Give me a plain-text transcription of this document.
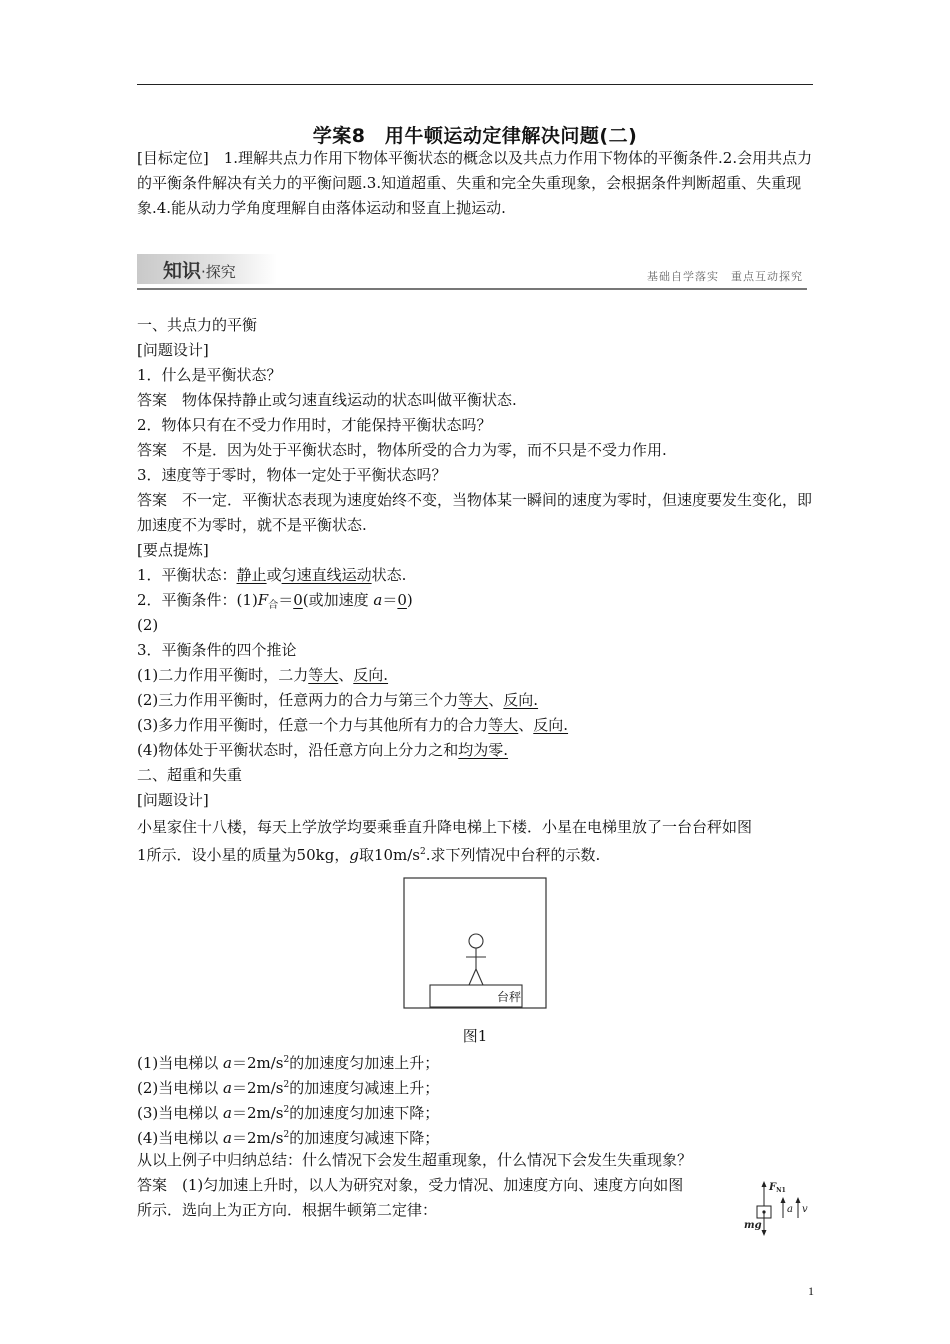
学案8　用牛顿运动定律解决问题(二)

[目标定位]　1.理解共点力作用下物体平衡状态的概念以及共点力作用下物体的平衡条件.2.会用共点力的平衡条件解决有关力的平衡问题.3.知道超重、失重和完全失重现象，会根据条件判断超重、失重现象.4.能从动力学角度理解自由落体运动和竖直上抛运动.

知识·探究	基础自学落实　重点互动探究
一、共点力的平衡
[问题设计]
1．什么是平衡状态？
答案　物体保持静止或匀速直线运动的状态叫做平衡状态.
2．物体只有在不受力作用时，才能保持平衡状态吗？
答案　不是．因为处于平衡状态时，物体所受的合力为零，而不只是不受力作用.
3．速度等于零时，物体一定处于平衡状态吗？

答案　不一定．平衡状态表现为速度始终不变，当物体某一瞬间的速度为零时，但速度要发生变化，即加速度不为零时，就不是平衡状态.

[要点提炼]
1．平衡状态：静止或匀速直线运动状态.
2．平衡条件：$(1)F_合=0$(或加速度 a＝0)
(2)
3．平衡条件的四个推论
(1)二力作用平衡时，二力等大、反向.
(2)三力作用平衡时，任意两力的合力与第三个力等大、反向.
(3)多力作用平衡时，任意一个力与其他所有力的合力等大、反向.
(4)物体处于平衡状态时，沿任意方向上分力之和均为零.
二、超重和失重
[问题设计]
小星家住十八楼，每天上学放学均要乘垂直升降电梯上下楼．小星在电梯里放了一台台秤如图
1所示．设小星的质量为50kg，g取$10m/s^2$.求下列情况中台秤的示数.
台秤
图1
(1)当电梯以 $a=2m/s^2$的加速度匀加速上升；
(2)当电梯以 $a=2m/s^2$的加速度匀减速上升；
(3)当电梯以 $a=2m/s^2$的加速度匀加速下降；
(4)当电梯以 $a=2m/s^2$的加速度匀减速下降；
从以上例子中归纳总结：什么情况下会发生超重现象，什么情况下会发生失重现象？
答案　(1)匀加速上升时，以人为研究对象，受力情况、加速度方向、速度方向如图
所示．选向上为正方向．根据牛顿第二定律：
$F_{N1}$
mg
a v
1
